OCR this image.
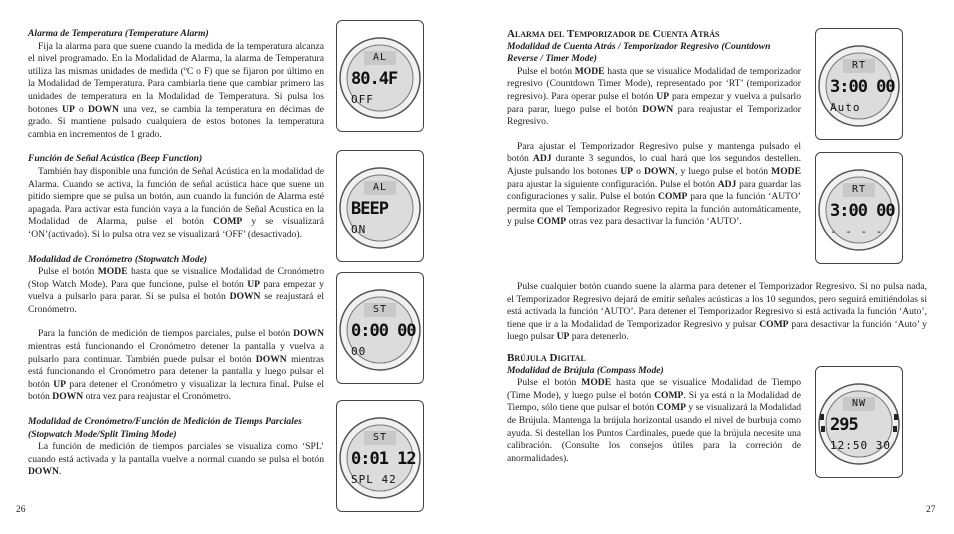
Alarma de Temperatura (Temperature Alarm)

Fija la alarma para que suene cuando la medida de la temperatura alcanza el nivel programado. En la Modalidad de Alarma, la alarma de Temperatura utiliza las mismas unidades de medida (ºC o F) que se fijaron por último en la Modalidad de Temperatura. Para cambiarla tiene que cambiar primero las unidades de temperatura en la Modalidad de Temperatura. Si pulsa los botones UP o DOWN una vez, se cambia la temperatura en décimas de grado. Si mantiene pulsado cualquiera de estos botones la temperatura cambia en incrementos de 1 grado.

Función de Señal Acústica (Beep Function)

También hay disponible una función de Señal Acústica en la modalidad de Alarma. Cuando se activa, la función de señal acústica hace que suene un pitido siempre que se pulsa un botón, aun cuando la función de Alarma esté apagada. Para activar esta función vaya a la función de Señal Acustica en la Modalidad de Alarma, pulse el botón COMP y se visualizará ‘ON’(activado). Si lo pulsa otra vez se visualizará ‘OFF’ (desactivado).

Modalidad de Cronómetro (Stopwatch Mode)

Pulse el botón MODE hasta que se visualice Modalidad de Cronómetro (Stop Watch Mode). Para que funcione, pulse el botón UP para empezar y vuelva a pulsarlo para parar. Si se pulsa el botón DOWN se reajustará el Cronómetro.

Para la función de medición de tiempos parciales, pulse el botón DOWN mientras está funcionando el Cronómetro detener la pantalla y vuelva a pulsarlo para continuar. También puede pulsar el botón DOWN mientras está funcionando el Cronómetro para detener la pantalla y luego pulsar el botón UP para detener el Cronómetro y visualizar la lectura final. Pulse el botón DOWN otra vez para reajustar el Cronómetro.

Modalidad de Cronómetro/Función de Medición de Tiemps Parciales (Stopwatch Mode/Split Timing Mode)

La función de medición de tiempos parciales se visualiza como ‘SPL’ cuando está activada y la pantalla vuelve a normal cuando se pulsa el botón DOWN.

26

Alarma del Temporizador de Cuenta Atrás

Modalidad de Cuenta Atrás / Temporizador Regresivo (Countdown Reverse / Timer Mode)

Pulse el botón MODE hasta que se visualice Modalidad de temporizador regresivo (Countdown Timer Mode), representado por ‘RT’ (temporizador regresivo). Para operar pulse el botón UP para empezar y vuelva a pulsarlo para parar, luego pulse el botón DOWN para reajustar el Temporizador Regresivo.

Para ajustar el Temporizador Regresivo pulse y mantenga pulsado el botón ADJ durante 3 segundos, lo cual hará que los segundos destellen. Ajuste pulsando los botones UP o DOWN, y luego pulse el botón MODE para ajustar la siguiente configuración. Pulse el botón ADJ para guardar las configuraciones y salir. Pulse el botón COMP para que la función ‘AUTO’ permita que el Temporizador Regresivo repita la función automáticamente, y pulse COMP otras vez para desactivar la función ‘AUTO’.

Pulse cualquier botón cuando suene la alarma para detener el Temporizador Regresivo. Si no pulsa nada, el Temporizador Regresivo dejará de emitir señales acústicas a los 10 segundos, pero seguirá emitiéndolas si está activada la función ‘AUTO’. Para detener el Temporizador Regresivo si está activada la función ‘Auto’, tiene que ir a la Modalidad de Temporizador Regresivo y pulsar COMP para desactivar la función ‘Auto’ y luego pulsar UP para detenerlo.

Brújula Digital

Modalidad de Brújula (Compass Mode)

Pulse el botón MODE hasta que se visualice Modalidad de Tiempo (Time Mode), y luego pulse el botón COMP. Si ya está n la Modalidad de Tiempo, sólo tiene que pulsar el botón COMP y se visualizará la Modalidad de Brújula. Mantenga la brújula horizontal usando el nivel de burbuja como ayuda. Si destellan los Puntos Cardinales, puede que la brújula necesite una calibración. (Consulte los consejos útiles para la correción de anormalidades).

27
AL
80.4F
OFF
AL
BEEP
ON
ST
0:00 00
00
ST
0:01 12
SPL 42
RT
3:00 00
Auto
RT
3:00 00
- - - -
NW
295
12:50 30
